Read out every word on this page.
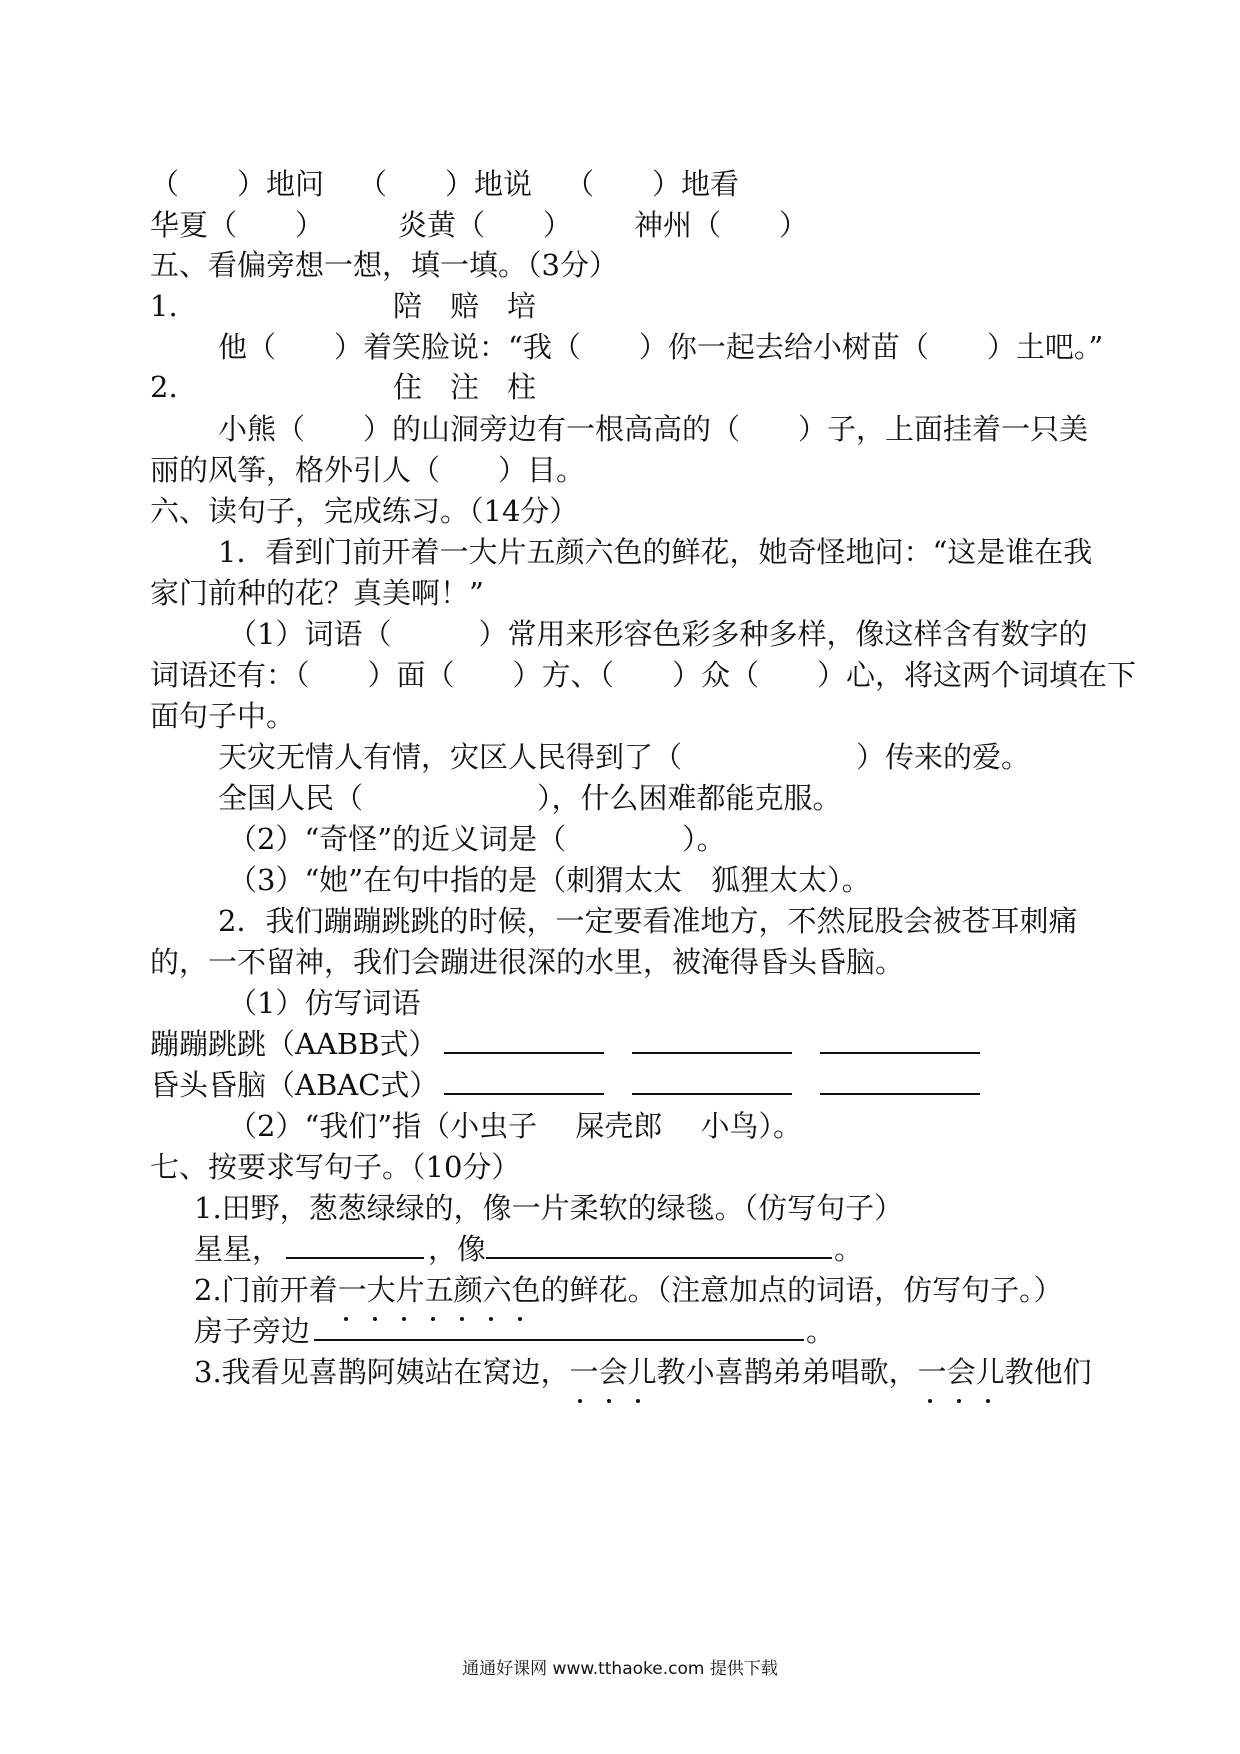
（　　）地问 （　　）地说 （　　）地看
华夏（　　）	炎黄（　　） 神州（　　）
五、看偏旁想一想，填一填。（3分）
1.	陪 赔 培
他（　　）着笑脸说：“我（　　）你一起去给小树苗（　　）土吧。”
2.	住 注 柱
小熊（　　）的山洞旁边有一根高高的（　　）子，上面挂着一只美
丽的风筝，格外引人（　　）目。
六、读句子，完成练习。（14分）
1．看到门前开着一大片五颜六色的鲜花，她奇怪地问：“这是谁在我
家门前种的花？真美啊！”
（1）词语（　　　）常用来形容色彩多种多样，像这样含有数字的
词语还有：（　　）面（　　）方、（　　）众（　　）心，将这两个词填在下
面句子中。
天灾无情人有情，灾区人民得到了（　　　　　　）传来的爱。
全国人民（　　　　　　），什么困难都能克服。
（2）“奇怪”的近义词是（　　　　）。
（3）“她”在句中指的是（刺猬太太　狐狸太太）。
2．我们蹦蹦跳跳的时候，一定要看准地方，不然屁股会被苍耳刺痛
的，一不留神，我们会蹦进很深的水里，被淹得昏头昏脑。
（1）仿写词语
蹦蹦跳跳（AABB式）
昏头昏脑（ABAC式）
（2）“我们”指（小虫子　 屎壳郎　 小鸟）。
七、按要求写句子。（10分）
1.田野，葱葱绿绿的，像一片柔软的绿毯。（仿写句子）
星星，	，像	。
2.门前开着一大片五颜六色的鲜花。（注意加点的词语，仿写句子。）
房子旁边	。
3.我看见喜鹊阿姨站在窝边，一会儿教小喜鹊弟弟唱歌，一会儿教他们
通通好课网 www.tthaoke.com 提供下载
